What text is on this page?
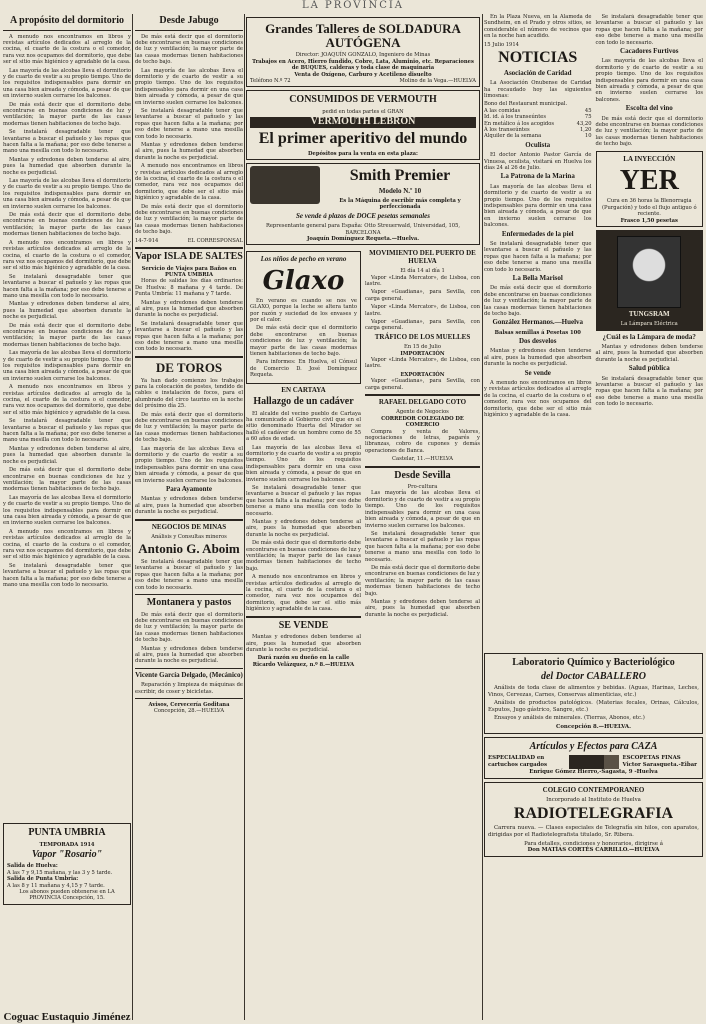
LA PROVINCIA
A propósito del dormitorio

A menudo nos encontramos en libros y revistas artículos dedicados al arreglo de la cocina, el cuarto de la costura o el comedor, rara vez nos ocupamos del dormitorio, que debe ser el sitio más higiénico y agradable de la casa.

Las mayoría de las alcobas lleva el dormitorio y de cuarto de vestir a su propio tiempo. Uno de los requisitos indispensables para dormir en una casa bien aireada y cómoda, a pesar de que en invierno suelen cerrarse los balcones.

De más está decir que el dormitorio debe encontrarse en buenas condiciones de luz y ventilación; la mayor parte de las casas modernas tienen habitaciones de techo bajo.

Se instalará desagradable tener que levantarse a buscar el pañuelo y las ropas que hacen falta a la mañana; por eso debe tenerse a mano una mesilla con todo lo necesario.

Mantas y edredones deben tenderse al aire, pues la humedad que absorben durante la noche es perjudicial.

Las mayoría de las alcobas lleva el dormitorio y de cuarto de vestir a su propio tiempo. Uno de los requisitos indispensables para dormir en una casa bien aireada y cómoda, a pesar de que en invierno suelen cerrarse los balcones.

De más está decir que el dormitorio debe encontrarse en buenas condiciones de luz y ventilación; la mayor parte de las casas modernas tienen habitaciones de techo bajo.

A menudo nos encontramos en libros y revistas artículos dedicados al arreglo de la cocina, el cuarto de la costura o el comedor, rara vez nos ocupamos del dormitorio, que debe ser el sitio más higiénico y agradable de la casa.

Se instalará desagradable tener que levantarse a buscar el pañuelo y las ropas que hacen falta a la mañana; por eso debe tenerse a mano una mesilla con todo lo necesario.

Mantas y edredones deben tenderse al aire, pues la humedad que absorben durante la noche es perjudicial.

De más está decir que el dormitorio debe encontrarse en buenas condiciones de luz y ventilación; la mayor parte de las casas modernas tienen habitaciones de techo bajo.

Las mayoría de las alcobas lleva el dormitorio y de cuarto de vestir a su propio tiempo. Uno de los requisitos indispensables para dormir en una casa bien aireada y cómoda, a pesar de que en invierno suelen cerrarse los balcones.

A menudo nos encontramos en libros y revistas artículos dedicados al arreglo de la cocina, el cuarto de la costura o el comedor, rara vez nos ocupamos del dormitorio, que debe ser el sitio más higiénico y agradable de la casa.

Se instalará desagradable tener que levantarse a buscar el pañuelo y las ropas que hacen falta a la mañana; por eso debe tenerse a mano una mesilla con todo lo necesario.

Mantas y edredones deben tenderse al aire, pues la humedad que absorben durante la noche es perjudicial.

De más está decir que el dormitorio debe encontrarse en buenas condiciones de luz y ventilación; la mayor parte de las casas modernas tienen habitaciones de techo bajo.

Las mayoría de las alcobas lleva el dormitorio y de cuarto de vestir a su propio tiempo. Uno de los requisitos indispensables para dormir en una casa bien aireada y cómoda, a pesar de que en invierno suelen cerrarse los balcones.

A menudo nos encontramos en libros y revistas artículos dedicados al arreglo de la cocina, el cuarto de la costura o el comedor, rara vez nos ocupamos del dormitorio, que debe ser el sitio más higiénico y agradable de la casa.

Se instalará desagradable tener que levantarse a buscar el pañuelo y las ropas que hacen falta a la mañana; por eso debe tenerse a mano una mesilla con todo lo necesario.

PUNTA UMBRIA
TEMPORADA 1914
Vapor "Rosario"
Salida de Huelva:
A las 7 y 9,15 mañana, y las 3 y 5 tarde.
Salida de Punta Umbria:
A las 8 y 11 mañana y 4,15 y 7 tarde.
Los abonos pueden obtenerse en LA PROVINCIA Concepción, 15.
Coguac Eustaquio Jiménez
Desde Jabugo

De más está decir que el dormitorio debe encontrarse en buenas condiciones de luz y ventilación; la mayor parte de las casas modernas tienen habitaciones de techo bajo.

Las mayoría de las alcobas lleva el dormitorio y de cuarto de vestir a su propio tiempo. Uno de los requisitos indispensables para dormir en una casa bien aireada y cómoda, a pesar de que en invierno suelen cerrarse los balcones.

Se instalará desagradable tener que levantarse a buscar el pañuelo y las ropas que hacen falta a la mañana; por eso debe tenerse a mano una mesilla con todo lo necesario.

Mantas y edredones deben tenderse al aire, pues la humedad que absorben durante la noche es perjudicial.

A menudo nos encontramos en libros y revistas artículos dedicados al arreglo de la cocina, el cuarto de la costura o el comedor, rara vez nos ocupamos del dormitorio, que debe ser el sitio más higiénico y agradable de la casa.

De más está decir que el dormitorio debe encontrarse en buenas condiciones de luz y ventilación; la mayor parte de las casas modernas tienen habitaciones de techo bajo.

14-7-914	EL CORRESPONSAL
Vapor ISLA DE SALTES
Servicio de Viajes para Baños en PUNTA UMBRIA

Horas de salidas los días ordinarios: De Huelva: 8 mañana y 4 tarde. De Punta Umbría: 11 mañana y 7 tarde.

Mantas y edredones deben tenderse al aire, pues la humedad que absorben durante la noche es perjudicial.

Se instalará desagradable tener que levantarse a buscar el pañuelo y las ropas que hacen falta a la mañana; por eso debe tenerse a mano una mesilla con todo lo necesario.

DE TOROS

Ya han dado comienzo los trabajos para la colocación de postes, tendido de cables e instalación de focos, para el alumbrado del circo taurino en la noche del próximo día 25.

De más está decir que el dormitorio debe encontrarse en buenas condiciones de luz y ventilación; la mayor parte de las casas modernas tienen habitaciones de techo bajo.

Las mayoría de las alcobas lleva el dormitorio y de cuarto de vestir a su propio tiempo. Uno de los requisitos indispensables para dormir en una casa bien aireada y cómoda, a pesar de que en invierno suelen cerrarse los balcones.

Para Ayamonte

Mantas y edredones deben tenderse al aire, pues la humedad que absorben durante la noche es perjudicial.

NEGOCIOS DE MINAS
Análisis y Consultas mineros
Antonio G. Aboim

Se instalará desagradable tener que levantarse a buscar el pañuelo y las ropas que hacen falta a la mañana; por eso debe tenerse a mano una mesilla con todo lo necesario.

Montanera y pastos

De más está decir que el dormitorio debe encontrarse en buenas condiciones de luz y ventilación; la mayor parte de las casas modernas tienen habitaciones de techo bajo.

Mantas y edredones deben tenderse al aire, pues la humedad que absorben durante la noche es perjudicial.

Vicente García Delgado, (Mecánico)

Reparación y limpieza de máquinas de escribir, de coser y bicicletas.

Avisos, Cervecería Goditana
Concepción, 28.—HUELVA
Grandes Talleres de SOLDADURA AUTÓGENA
Director: JOAQUÍN GONZALO, Ingeniero de Minas
Trabajos en Acero, Hierro fundido, Cobre, Lata, Aluminio, etc. Reparaciones de BUQUES, calderas y toda clase de maquinaria
Venta de Oxígeno, Carburo y Acetileno disuelto
Teléfono N.º 72	Molino de la Vega.—HUELVA
CONSUMIDOS DE VERMOUTH
pedid en todas partes el GRAN
VERMOUTH LEBRÓN
El primer aperitivo del mundo
Depósitos para la venta en esta plaza:
Smith Premier
Modelo N.º 10
Es la Máquina de escribir más completa y perfeccionada
Se vende á plazos de DOCE pesetas semanales
Representante general para España: Otto Streuerwald, Universidad, 105, BARCELONA
Joaquín Domínguez Requeta.—Huelva.
Los niños de pecho en verano
Glaxo

En verano es cuando se nos ve GLAXO, porque la leche se altera tanto por razón y suciedad de los envases y por el calor.

De más está decir que el dormitorio debe encontrarse en buenas condiciones de luz y ventilación; la mayor parte de las casas modernas tienen habitaciones de techo bajo.

Para informes: En Huelva, el Cónsul de Comercio D. José Domínguez Requeta.

EN CARTAYA
Hallazgo de un cadáver

El alcalde del vecino pueblo de Cartaya ha comunicado al Gobierno civil que en el sitio denominado Huerta del Mirador se halló el cadáver de un hombre como de 55 a 60 años de edad.

Las mayoría de las alcobas lleva el dormitorio y de cuarto de vestir a su propio tiempo. Uno de los requisitos indispensables para dormir en una casa bien aireada y cómoda, a pesar de que en invierno suelen cerrarse los balcones.

Se instalará desagradable tener que levantarse a buscar el pañuelo y las ropas que hacen falta a la mañana; por eso debe tenerse a mano una mesilla con todo lo necesario.

Mantas y edredones deben tenderse al aire, pues la humedad que absorben durante la noche es perjudicial.

De más está decir que el dormitorio debe encontrarse en buenas condiciones de luz y ventilación; la mayor parte de las casas modernas tienen habitaciones de techo bajo.

A menudo nos encontramos en libros y revistas artículos dedicados al arreglo de la cocina, el cuarto de la costura o el comedor, rara vez nos ocupamos del dormitorio, que debe ser el sitio más higiénico y agradable de la casa.

SE VENDE

Mantas y edredones deben tenderse al aire, pues la humedad que absorben durante la noche es perjudicial.

Dará razón su dueño en la calle Ricardo Velázquez, n.º 8.—HUELVA
MOVIMIENTO DEL PUERTO DE HUELVA
El día 14 al día 1

Vapor «Linda Mercator», de Lisboa, con lastre.

Vapor «Guadiana», para Sevilla, con carga general.

Vapor «Linda Mercator», de Lisboa, con lastre.

Vapor «Guadiana», para Sevilla, con carga general.

TRÁFICO DE LOS MUELLES
En 15 de Julio
IMPORTACIÓN

Vapor «Linda Mercator», de Lisboa, con lastre.

EXPORTACIÓN

Vapor «Guadiana», para Sevilla, con carga general.

RAFAEL DELGADO COTO
Agente de Negocios
CORREDOR COLEGIADO DE COMERCIO

Compra y venta de Valores, negociaciones de letras, pagarés y libranzas, cobro de cupones y demás operaciones de Banca.

Castelar, 11.—HUELVA
Desde Sevilla
Pro-cultura

Las mayoría de las alcobas lleva el dormitorio y de cuarto de vestir a su propio tiempo. Uno de los requisitos indispensables para dormir en una casa bien aireada y cómoda, a pesar de que en invierno suelen cerrarse los balcones.

Se instalará desagradable tener que levantarse a buscar el pañuelo y las ropas que hacen falta a la mañana; por eso debe tenerse a mano una mesilla con todo lo necesario.

De más está decir que el dormitorio debe encontrarse en buenas condiciones de luz y ventilación; la mayor parte de las casas modernas tienen habitaciones de techo bajo.

Mantas y edredones deben tenderse al aire, pues la humedad que absorben durante la noche es perjudicial.

En la Plaza Nueva, en la Alameda de Sundheim, en el Prado y otros sitios, se considerable el número de vecinos que en la noche han acudido.

15 Julio 1914
NOTICIAS
Asociación de Caridad

La Asociación Onubense de Caridad ha recaudado hoy las siguientes limosnas:

Bono del Restaurant municipal.	
A las comidas	45
Id. id. á los transeúntes	75
En metálico á los acogidos	43,20
Á los transeúntes	1,20
Alquiler de la semana	10
Oculista

El doctor Antonio Pastor García de Vinuesa, oculista, visitará en Huelva los días 24 al 26 de Julio.

La Patrona de la Marina

Las mayoría de las alcobas lleva el dormitorio y de cuarto de vestir a su propio tiempo. Uno de los requisitos indispensables para dormir en una casa bien aireada y cómoda, a pesar de que en invierno suelen cerrarse los balcones.

Enfermedades de la piel

Se instalará desagradable tener que levantarse a buscar el pañuelo y las ropas que hacen falta a la mañana; por eso debe tenerse a mano una mesilla con todo lo necesario.

La Bella Marisol

De más está decir que el dormitorio debe encontrarse en buenas condiciones de luz y ventilación; la mayor parte de las casas modernas tienen habitaciones de techo bajo.

González Hermanos.—Huelva
Balsas semillas á Pesetas 100
Dos desvelos

Mantas y edredones deben tenderse al aire, pues la humedad que absorben durante la noche es perjudicial.

Se vende

A menudo nos encontramos en libros y revistas artículos dedicados al arreglo de la cocina, el cuarto de la costura o el comedor, rara vez nos ocupamos del dormitorio, que debe ser el sitio más higiénico y agradable de la casa.

Se instalará desagradable tener que levantarse a buscar el pañuelo y las ropas que hacen falta a la mañana; por eso debe tenerse a mano una mesilla con todo lo necesario.

Cacadores Furtivos

Las mayoría de las alcobas lleva el dormitorio y de cuarto de vestir a su propio tiempo. Uno de los requisitos indispensables para dormir en una casa bien aireada y cómoda, a pesar de que en invierno suelen cerrarse los balcones.

Escolta del vino

De más está decir que el dormitorio debe encontrarse en buenas condiciones de luz y ventilación; la mayor parte de las casas modernas tienen habitaciones de techo bajo.

LA INYECCIÓN
YER
Cura en 36 horas la Blenorragia (Purgación) y todo el flujo antiguo ó reciente.
Frasco 1,50 pesetas
TUNGSRAM
La Lámpara Eléctrica
¿Cuál es la Lámpara de moda?

Mantas y edredones deben tenderse al aire, pues la humedad que absorben durante la noche es perjudicial.

Salud pública

Se instalará desagradable tener que levantarse a buscar el pañuelo y las ropas que hacen falta a la mañana; por eso debe tenerse a mano una mesilla con todo lo necesario.

Laboratorio Químico y Bacteriológico
del Doctor CABALLERO

Análisis de toda clase de alimentos y bebidas. (Aguas, Harinas, Leches, Vinos, Cervezas, Carnes, Conservas alimenticias, etc.)

Análisis de productos patológicos. (Materias fecales, Orinas, Cálculos, Esputos, Jugo gástrico, Sangre, etc.)

Ensayos y análisis de minerales. (Tierras, Abonos, etc.)

Concepción 8.—HUELVA.
Artículos y Efectos para CAZA
ESPECIALIDAD en
cartuchos cargados
ESCOPETAS FINAS
Victor Sarasqueta.-Eibar
Enrique Gómez Hierro,-Sagasta, 9 -Huelva
COLEGIO CONTEMPORANEO
Incorporado al Instituto de Huelva
RADIOTELEGRAFIA

Carrera nueva. — Clases especiales de Telegrafía sin hilos, con aparatos, dirigidas por el Radiotelegrafista titulado, Sr. Ribera.

Para detalles, condiciones y honorarios, dirigirse á
Don MATÍAS CORTÉS CARRILLO.—HUELVA
